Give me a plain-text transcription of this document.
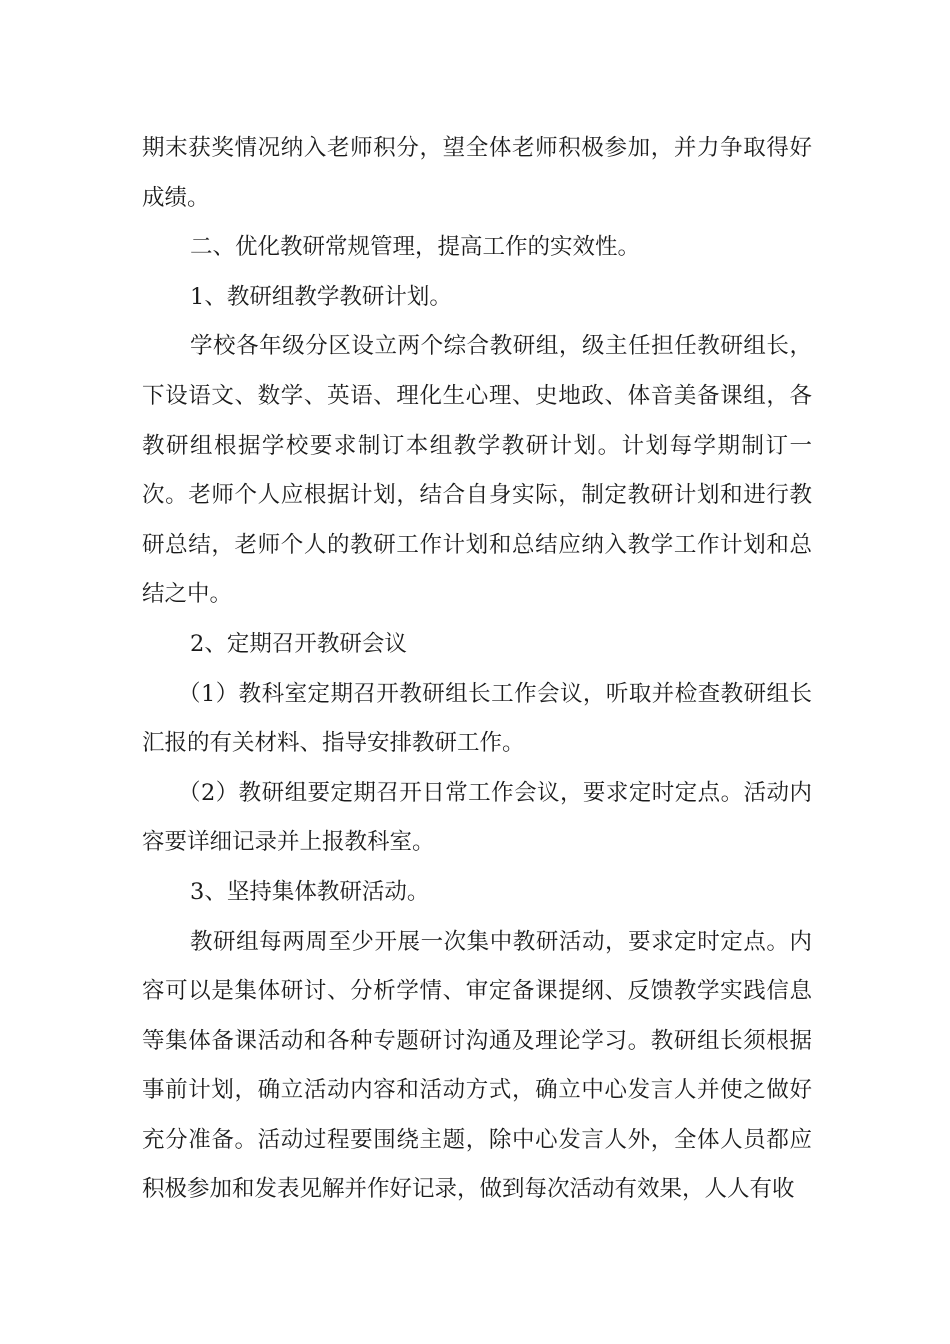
期末获奖情况纳入老师积分，望全体老师积极参加，并力争取得好成绩。

二、优化教研常规管理，提高工作的实效性。

1、教研组教学教研计划。

学校各年级分区设立两个综合教研组，级主任担任教研组长，下设语文、数学、英语、理化生心理、史地政、体音美备课组，各教研组根据学校要求制订本组教学教研计划。计划每学期制订一次。老师个人应根据计划，结合自身实际，制定教研计划和进行教研总结，老师个人的教研工作计划和总结应纳入教学工作计划和总结之中。

2、定期召开教研会议

（1）教科室定期召开教研组长工作会议，听取并检查教研组长汇报的有关材料、指导安排教研工作。

（2）教研组要定期召开日常工作会议，要求定时定点。活动内容要详细记录并上报教科室。

3、坚持集体教研活动。

教研组每两周至少开展一次集中教研活动，要求定时定点。内容可以是集体研讨、分析学情、审定备课提纲、反馈教学实践信息等集体备课活动和各种专题研讨沟通及理论学习。教研组长须根据事前计划，确立活动内容和活动方式，确立中心发言人并使之做好充分准备。活动过程要围绕主题，除中心发言人外，全体人员都应积极参加和发表见解并作好记录，做到每次活动有效果，人人有收
